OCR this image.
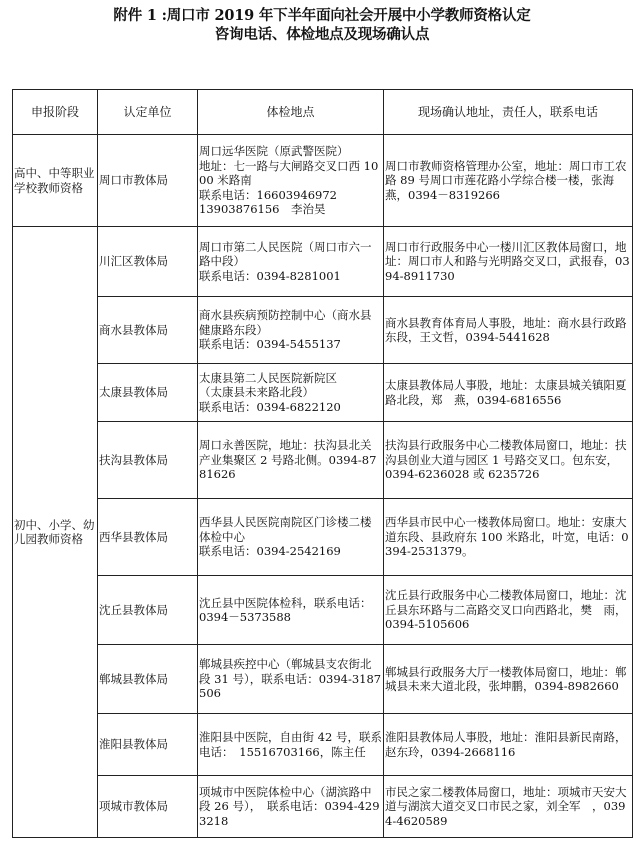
附件 1 :周口市 2019 年下半年面向社会开展中小学教师资格认定
咨询电话、体检地点及现场确认点
申报阶段	认定单位	体检地点	现场确认地址，责任人，联系电话
高中、中等职业学校教师资格	周口市教体局	周口远华医院（原武警医院）
地址：七一路与大闸路交叉口西 1000 米路南
联系电话：16603946972
13903876156　李治昊	周口市教师资格管理办公室，地址：周口市工农路 89 号周口市莲花路小学综合楼一楼，张海燕，0394－8319266

初中、小学、幼儿园教师资格	川汇区教体局	周口市第二人民医院（周口市六一路中段）
联系电话：0394-8281001	周口市行政服务中心一楼川汇区教体局窗口，地址：周口市人和路与光明路交叉口，武报春，0394-8911730

	商水县教体局	商水县疾病预防控制中心（商水县健康路东段）
联系电话：0394-5455137	商水县教育体育局人事股，地址：商水县行政路东段，王文哲，0394-5441628

	太康县教体局	太康县第二人民医院新院区
（太康县未来路北段）
联系电话：0394-6822120	太康县教体局人事股，地址：太康县城关镇阳夏路北段，郑　燕，0394-6816556

	扶沟县教体局	周口永善医院，地址：扶沟县北关产业集聚区 2 号路北侧。0394-8781626	扶沟县行政服务中心二楼教体局窗口，地址：扶沟县创业大道与园区 1 号路交叉口。包东安，　0394-6236028 或 6235726

	西华县教体局	西华县人民医院南院区门诊楼二楼体检中心
联系电话：0394-2542169	西华县市民中心一楼教体局窗口。地址：安康大道东段、县政府东 100 米路北，叶宽，电话：0394-2531379。

	沈丘县教体局	沈丘县中医院体检科，联系电话：　0394－5373588	沈丘县行政服务中心二楼教体局窗口，地址：沈丘县东环路与二高路交叉口向西路北，樊　雨，0394-5105606

	郸城县教体局	郸城县疾控中心（郸城县支农街北段 31 号），联系电话：0394-3187506	郸城县行政服务大厅一楼教体局窗口，地址：郸城县未来大道北段，张坤鹏，0394-8982660

	淮阳县教体局	淮阳县中医院，自由街 42 号，联系电话：　15516703166，陈主任	淮阳县教体局人事股，地址：淮阳县新民南路，赵东玲，0394-2668116

	项城市教体局	项城市中医院体检中心（湖滨路中段 26 号），　联系电话：0394-4293218	市民之家二楼教体局窗口，地址：项城市天安大道与湖滨大道交叉口市民之家，刘全军　，0394-4620589
